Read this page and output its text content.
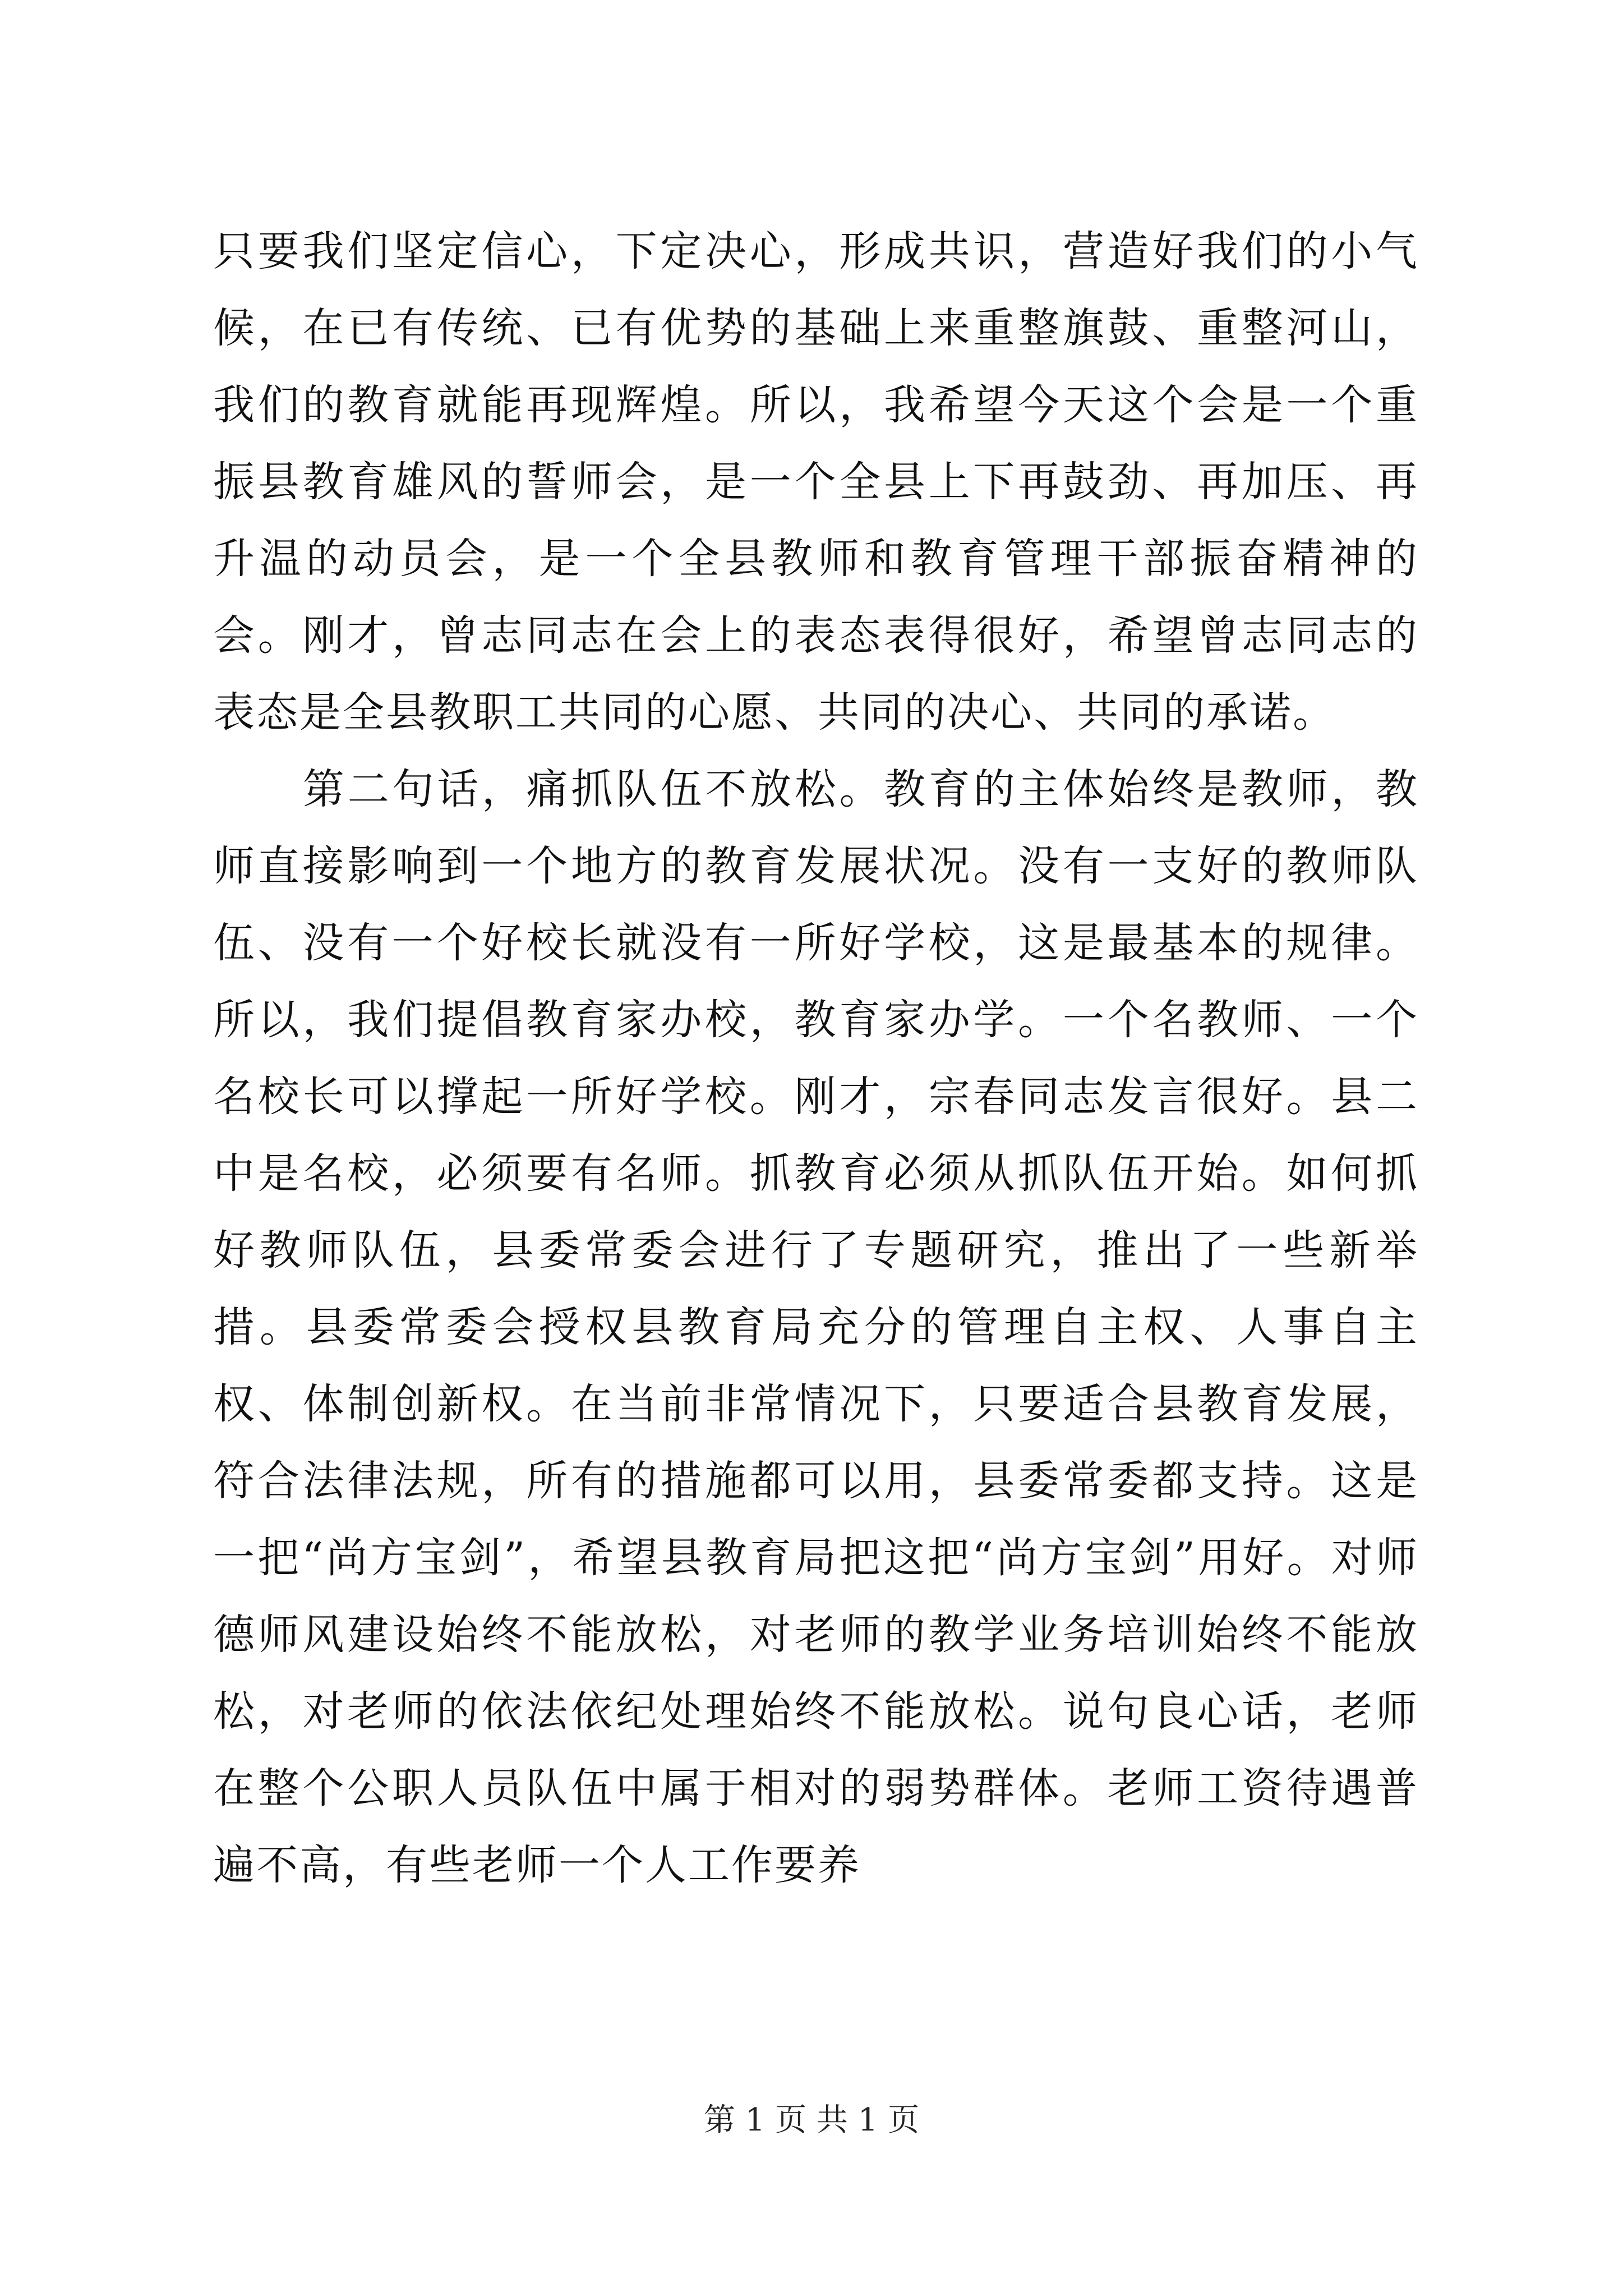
只要我们坚定信心，下定决心，形成共识，营造好我们的小气候，在已有传统、已有优势的基础上来重整旗鼓、重整河山，我们的教育就能再现辉煌。所以，我希望今天这个会是一个重振县教育雄风的誓师会，是一个全县上下再鼓劲、再加压、再升温的动员会，是一个全县教师和教育管理干部振奋精神的会。刚才，曾志同志在会上的表态表得很好，希望曾志同志的表态是全县教职工共同的心愿、共同的决心、共同的承诺。

第二句话，痛抓队伍不放松。教育的主体始终是教师，教师直接影响到一个地方的教育发展状况。没有一支好的教师队伍、没有一个好校长就没有一所好学校，这是最基本的规律。所以，我们提倡教育家办校，教育家办学。一个名教师、一个名校长可以撑起一所好学校。刚才，宗春同志发言很好。县二中是名校，必须要有名师。抓教育必须从抓队伍开始。如何抓好教师队伍，县委常委会进行了专题研究，推出了一些新举措。县委常委会授权县教育局充分的管理自主权、人事自主权、体制创新权。在当前非常情况下，只要适合县教育发展，符合法律法规，所有的措施都可以用，县委常委都支持。这是一把“尚方宝剑”，希望县教育局把这把“尚方宝剑”用好。对师德师风建设始终不能放松，对老师的教学业务培训始终不能放松，对老师的依法依纪处理始终不能放松。说句良心话，老师在整个公职人员队伍中属于相对的弱势群体。老师工资待遇普遍不高，有些老师一个人工作要养

第 1 页 共 1 页
